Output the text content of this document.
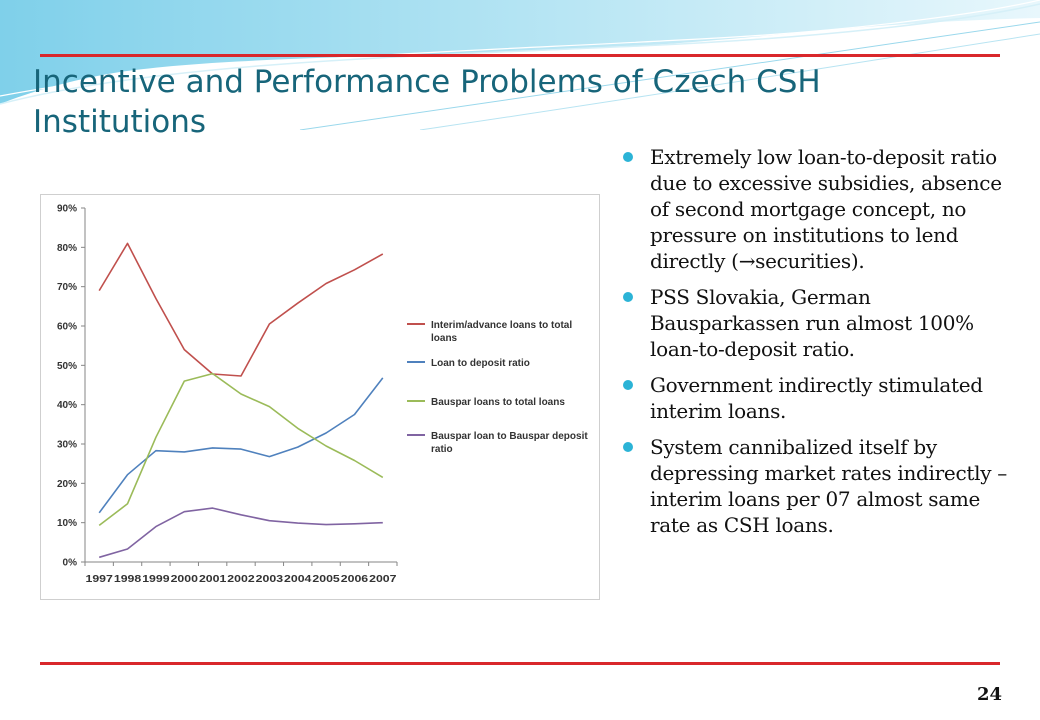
Incentive and Performance Problems of Czech CSH Institutions
0%
10%
20%
30%
40%
50%
60%
70%
80%
90%
1997 1998 1999 2000 2001 2002 2003 2004 2005 2006 2007
Interim/advance loans to total loans
Loan to deposit ratio
Bauspar loans to total loans
Bauspar loan to Bauspar deposit ratio
Extremely low loan-to-deposit ratio due to excessive subsidies, absence of second mortgage concept, no pressure on institutions to lend directly (→securities).
PSS Slovakia, German Bausparkassen run almost 100% loan-to-deposit ratio.
Government indirectly stimulated interim loans.
System cannibalized itself by depressing market rates indirectly – interim loans per 07 almost same rate as CSH loans.
24
